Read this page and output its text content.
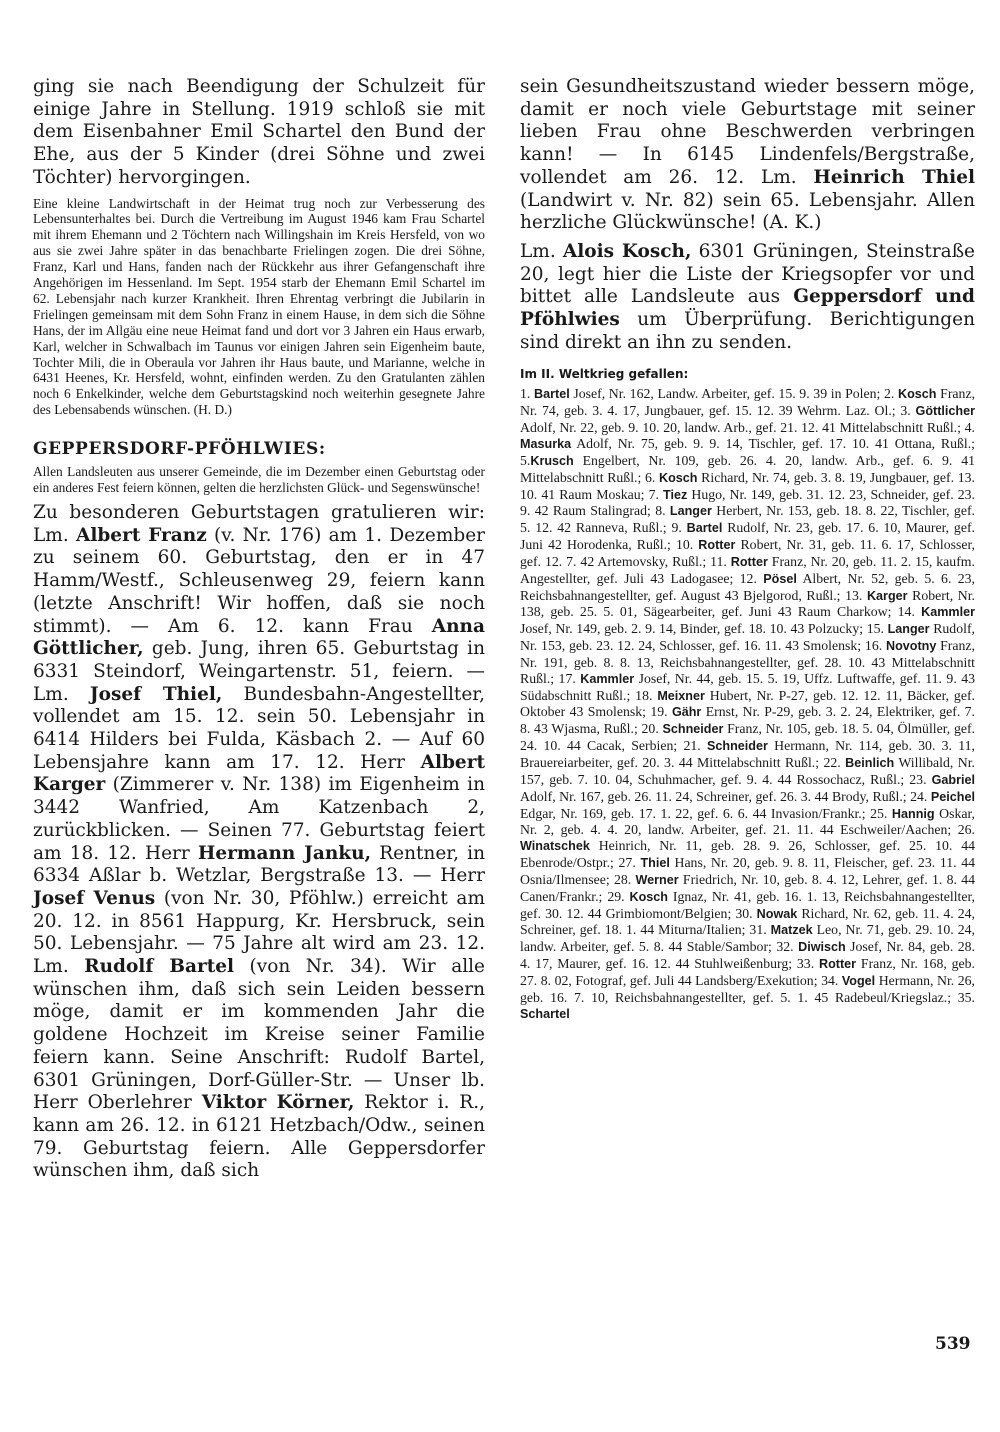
ging sie nach Beendigung der Schulzeit für einige Jahre in Stellung. 1919 schloß sie mit dem Eisenbahner Emil Schartel den Bund der Ehe, aus der 5 Kinder (drei Söhne und zwei Töchter) hervorgingen.

Eine kleine Landwirtschaft in der Heimat trug noch zur Verbesserung des Lebensunterhaltes bei. Durch die Vertreibung im August 1946 kam Frau Schartel mit ihrem Ehemann und 2 Töchtern nach Willingshain im Kreis Hersfeld, von wo aus sie zwei Jahre später in das benachbarte Frielingen zogen. Die drei Söhne, Franz, Karl und Hans, fanden nach der Rückkehr aus ihrer Gefangenschaft ihre Angehörigen im Hessenland. Im Sept. 1954 starb der Ehemann Emil Schartel im 62. Lebensjahr nach kurzer Krankheit. Ihren Ehrentag verbringt die Jubilarin in Frielingen gemeinsam mit dem Sohn Franz in einem Hause, in dem sich die Söhne Hans, der im Allgäu eine neue Heimat fand und dort vor 3 Jahren ein Haus erwarb, Karl, welcher in Schwalbach im Taunus vor einigen Jahren sein Eigenheim baute, Tochter Mili, die in Oberaula vor Jahren ihr Haus baute, und Marianne, welche in 6431 Heenes, Kr. Hersfeld, wohnt, einfinden werden. Zu den Gratulanten zählen noch 6 Enkelkinder, welche dem Geburtstagskind noch weiterhin gesegnete Jahre des Lebensabends wünschen. (H. D.)

GEPPERSDORF-PFÖHLWIES:

Allen Landsleuten aus unserer Gemeinde, die im Dezember einen Geburtstag oder ein anderes Fest feiern können, gelten die herzlichsten Glück- und Segenswünsche!

Zu besonderen Geburtstagen gratulieren wir: Lm. Albert Franz (v. Nr. 176) am 1. Dezember zu seinem 60. Geburtstag, den er in 47 Hamm/Westf., Schleusenweg 29, feiern kann (letzte Anschrift! Wir hoffen, daß sie noch stimmt). — Am 6. 12. kann Frau Anna Göttlicher, geb. Jung, ihren 65. Geburtstag in 6331 Steindorf, Weingartenstr. 51, feiern. — Lm. Josef Thiel, Bundesbahn-Angestellter, vollendet am 15. 12. sein 50. Lebensjahr in 6414 Hilders bei Fulda, Käsbach 2. — Auf 60 Lebensjahre kann am 17. 12. Herr Albert Karger (Zimmerer v. Nr. 138) im Eigenheim in 3442 Wanfried, Am Katzenbach 2, zurückblicken. — Seinen 77. Geburtstag feiert am 18. 12. Herr Hermann Janku, Rentner, in 6334 Aßlar b. Wetzlar, Bergstraße 13. — Herr Josef Venus (von Nr. 30, Pföhlw.) erreicht am 20. 12. in 8561 Happurg, Kr. Hersbruck, sein 50. Lebensjahr. — 75 Jahre alt wird am 23. 12. Lm. Rudolf Bartel (von Nr. 34). Wir alle wünschen ihm, daß sich sein Leiden bessern möge, damit er im kommenden Jahr die goldene Hochzeit im Kreise seiner Familie feiern kann. Seine Anschrift: Rudolf Bartel, 6301 Grüningen, Dorf-Güller-Str. — Unser lb. Herr Oberlehrer Viktor Körner, Rektor i. R., kann am 26. 12. in 6121 Hetzbach/Odw., seinen 79. Geburtstag feiern. Alle Geppersdorfer wünschen ihm, daß sich

sein Gesundheitszustand wieder bessern möge, damit er noch viele Geburtstage mit seiner lieben Frau ohne Beschwerden verbringen kann! — In 6145 Lindenfels/Bergstraße, vollendet am 26. 12. Lm. Heinrich Thiel (Landwirt v. Nr. 82) sein 65. Lebensjahr. Allen herzliche Glückwünsche! (A. K.)

Lm. Alois Kosch, 6301 Grüningen, Steinstraße 20, legt hier die Liste der Kriegsopfer vor und bittet alle Landsleute aus Geppersdorf und Pföhlwies um Überprüfung. Berichtigungen sind direkt an ihn zu senden.

Im II. Weltkrieg gefallen:

1. Bartel Josef, Nr. 162, Landw. Arbeiter, gef. 15. 9. 39 in Polen; 2. Kosch Franz, Nr. 74, geb. 3. 4. 17, Jungbauer, gef. 15. 12. 39 Wehrm. Laz. Ol.; 3. Göttlicher Adolf, Nr. 22, geb. 9. 10. 20, landw. Arb., gef. 21. 12. 41 Mittelabschnitt Rußl.; 4. Masurka Adolf, Nr. 75, geb. 9. 9. 14, Tischler, gef. 17. 10. 41 Ottana, Rußl.; 5.Krusch Engelbert, Nr. 109, geb. 26. 4. 20, landw. Arb., gef. 6. 9. 41 Mittelabschnitt Rußl.; 6. Kosch Richard, Nr. 74, geb. 3. 8. 19, Jungbauer, gef. 13. 10. 41 Raum Moskau; 7. Tiez Hugo, Nr. 149, geb. 31. 12. 23, Schneider, gef. 23. 9. 42 Raum Stalingrad; 8. Langer Herbert, Nr. 153, geb. 18. 8. 22, Tischler, gef. 5. 12. 42 Ranneva, Rußl.; 9. Bartel Rudolf, Nr. 23, geb. 17. 6. 10, Maurer, gef. Juni 42 Horodenka, Rußl.; 10. Rotter Robert, Nr. 31, geb. 11. 6. 17, Schlosser, gef. 12. 7. 42 Artemovsky, Rußl.; 11. Rotter Franz, Nr. 20, geb. 11. 2. 15, kaufm. Angestellter, gef. Juli 43 Ladogasee; 12. Pösel Albert, Nr. 52, geb. 5. 6. 23, Reichsbahnangestellter, gef. August 43 Bjelgorod, Rußl.; 13. Karger Robert, Nr. 138, geb. 25. 5. 01, Sägearbeiter, gef. Juni 43 Raum Charkow; 14. Kammler Josef, Nr. 149, geb. 2. 9. 14, Binder, gef. 18. 10. 43 Polzucky; 15. Langer Rudolf, Nr. 153, geb. 23. 12. 24, Schlosser, gef. 16. 11. 43 Smolensk; 16. Novotny Franz, Nr. 191, geb. 8. 8. 13, Reichsbahnangestellter, gef. 28. 10. 43 Mittelabschnitt Rußl.; 17. Kammler Josef, Nr. 44, geb. 15. 5. 19, Uffz. Luftwaffe, gef. 11. 9. 43 Südabschnitt Rußl.; 18. Meixner Hubert, Nr. P-27, geb. 12. 12. 11, Bäcker, gef. Oktober 43 Smolensk; 19. Gähr Ernst, Nr. P-29, geb. 3. 2. 24, Elektriker, gef. 7. 8. 43 Wjasma, Rußl.; 20. Schneider Franz, Nr. 105, geb. 18. 5. 04, Ölmüller, gef. 24. 10. 44 Cacak, Serbien; 21. Schneider Hermann, Nr. 114, geb. 30. 3. 11, Brauereiarbeiter, gef. 20. 3. 44 Mittelabschnitt Rußl.; 22. Beinlich Willibald, Nr. 157, geb. 7. 10. 04, Schuhmacher, gef. 9. 4. 44 Rossochacz, Rußl.; 23. Gabriel Adolf, Nr. 167, geb. 26. 11. 24, Schreiner, gef. 26. 3. 44 Brody, Rußl.; 24. Peichel Edgar, Nr. 169, geb. 17. 1. 22, gef. 6. 6. 44 Invasion/Frankr.; 25. Hannig Oskar, Nr. 2, geb. 4. 4. 20, landw. Arbeiter, gef. 21. 11. 44 Eschweiler/Aachen; 26. Winatschek Heinrich, Nr. 11, geb. 28. 9. 26, Schlosser, gef. 25. 10. 44 Ebenrode/Ostpr.; 27. Thiel Hans, Nr. 20, geb. 9. 8. 11, Fleischer, gef. 23. 11. 44 Osnia/Ilmensee; 28. Werner Friedrich, Nr. 10, geb. 8. 4. 12, Lehrer, gef. 1. 8. 44 Canen/Frankr.; 29. Kosch Ignaz, Nr. 41, geb. 16. 1. 13, Reichsbahnangestellter, gef. 30. 12. 44 Grimbiomont/Belgien; 30. Nowak Richard, Nr. 62, geb. 11. 4. 24, Schreiner, gef. 18. 1. 44 Miturna/Italien; 31. Matzek Leo, Nr. 71, geb. 29. 10. 24, landw. Arbeiter, gef. 5. 8. 44 Stable/Sambor; 32. Diwisch Josef, Nr. 84, geb. 28. 4. 17, Maurer, gef. 16. 12. 44 Stuhlweißenburg; 33. Rotter Franz, Nr. 168, geb. 27. 8. 02, Fotograf, gef. Juli 44 Landsberg/Exekution; 34. Vogel Hermann, Nr. 26, geb. 16. 7. 10, Reichsbahnangestellter, gef. 5. 1. 45 Radebeul/Kriegslaz.; 35. Schartel

539
